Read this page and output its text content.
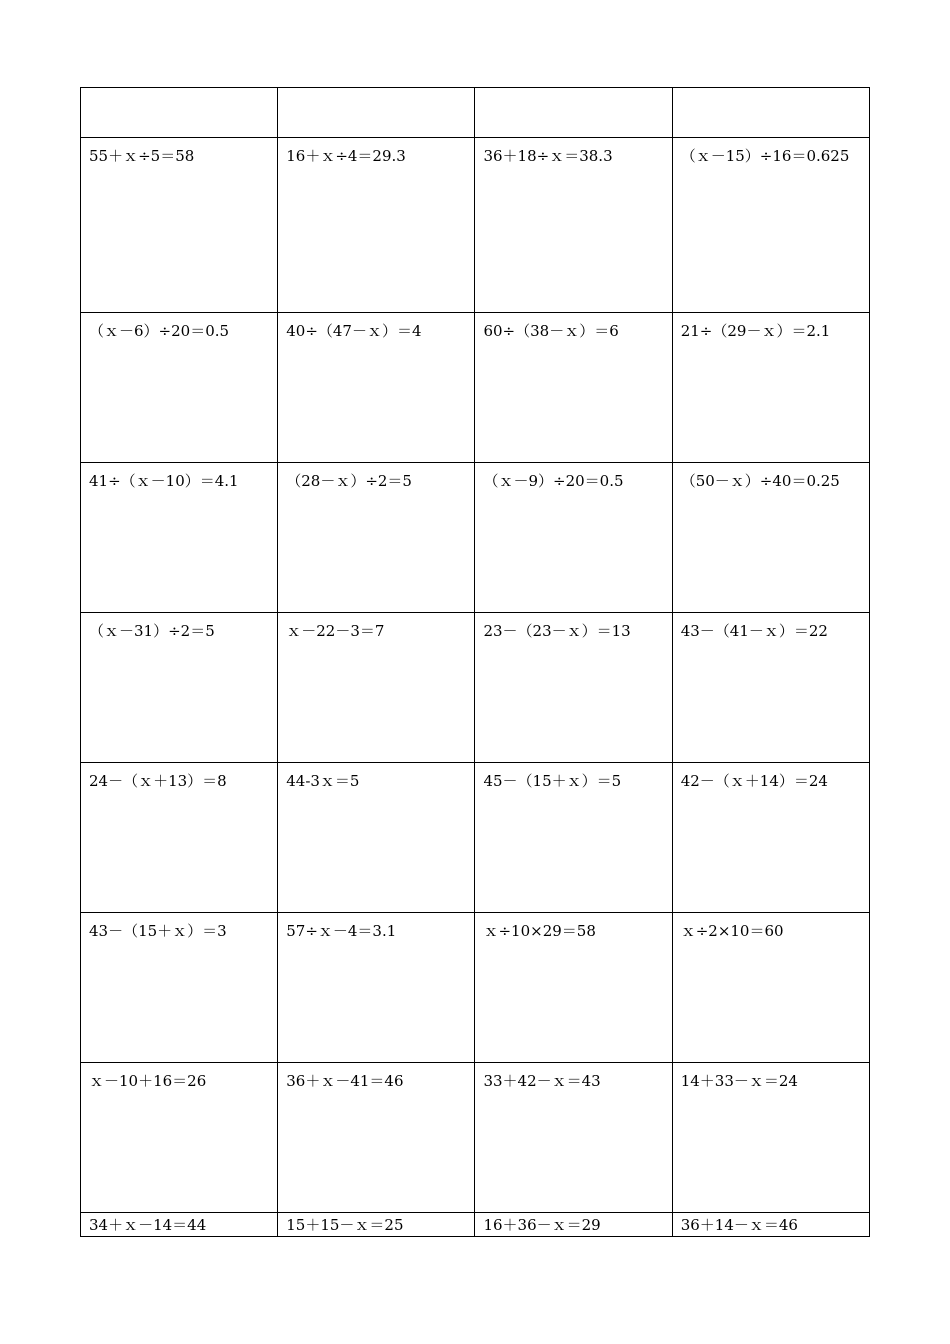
55＋ｘ÷5＝58	16＋ｘ÷4＝29.3	36＋18÷ｘ＝38.3	（ｘ－15）÷16＝0.625

（ｘ－6）÷20＝0.5	40÷（47－ｘ）＝4	60÷（38－ｘ）＝6	21÷（29－ｘ）＝2.1

41÷（ｘ－10）＝4.1	（28－ｘ）÷2＝5	（ｘ－9）÷20＝0.5	（50－ｘ）÷40＝0.25

（ｘ－31）÷2＝5	ｘ－22－3＝7	23－（23－ｘ）＝13	43－（41－ｘ）＝22

24－（ｘ＋13）＝8	44-3ｘ＝5	45－（15＋ｘ）＝5	42－（ｘ＋14）＝24

43－（15＋ｘ）＝3	57÷ｘ－4＝3.1	ｘ÷10×29＝58	ｘ÷2×10＝60

ｘ－10＋16＝26	36＋ｘ－41＝46	33＋42－ｘ＝43	14＋33－ｘ＝24

34＋ｘ－14＝44	15＋15－ｘ＝25	16＋36－ｘ＝29	36＋14－ｘ＝46
